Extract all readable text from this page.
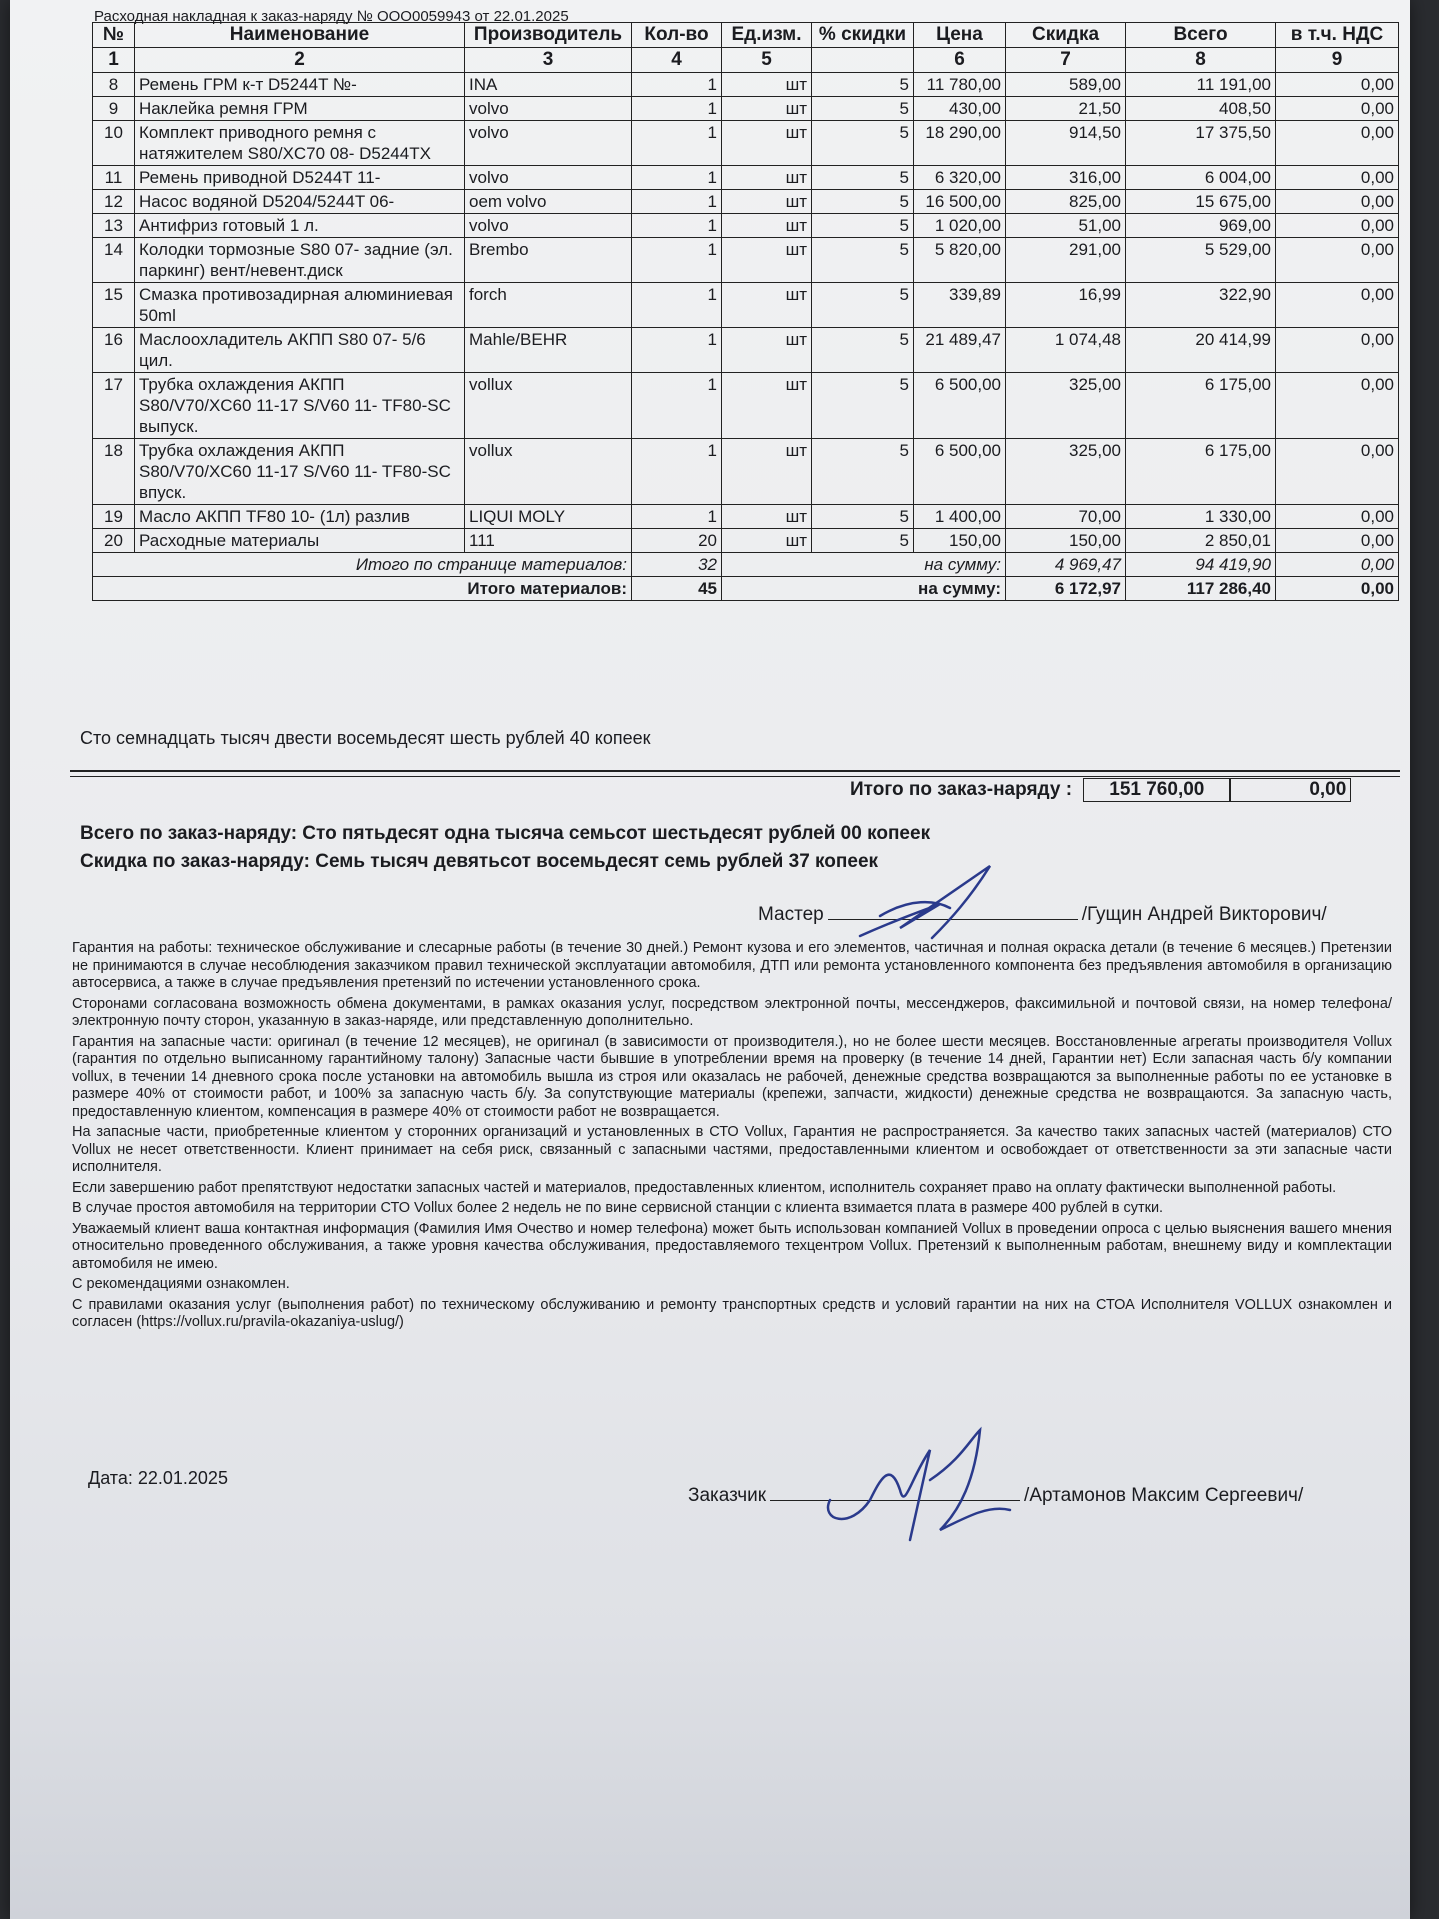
Расходная накладная к заказ-наряду № ООО0059943 от 22.01.2025
№	Наименование	Производитель	Кол-во	Ед.изм.	% скидки	Цена	Скидка	Всего	в т.ч. НДС
1	2	3	4	5		6	7	8	9
8	Ремень ГРМ к-т D5244T №-	INA	1	шт	5	11 780,00	589,00	11 191,00	0,00
9	Наклейка ремня ГРМ	volvo	1	шт	5	430,00	21,50	408,50	0,00
10	Комплект приводного ремня с натяжителем S80/XC70 08- D5244TX	volvo	1	шт	5	18 290,00	914,50	17 375,50	0,00
11	Ремень приводной D5244T 11-	volvo	1	шт	5	6 320,00	316,00	6 004,00	0,00
12	Насос водяной D5204/5244T 06-	oem volvo	1	шт	5	16 500,00	825,00	15 675,00	0,00
13	Антифриз готовый 1 л.	volvo	1	шт	5	1 020,00	51,00	969,00	0,00
14	Колодки тормозные S80 07- задние (эл. паркинг) вент/невент.диск	Brembo	1	шт	5	5 820,00	291,00	5 529,00	0,00
15	Смазка противозадирная алюминиевая 50ml	forch	1	шт	5	339,89	16,99	322,90	0,00
16	Маслоохладитель АКПП S80 07- 5/6 цил.	Mahle/BEHR	1	шт	5	21 489,47	1 074,48	20 414,99	0,00
17	Трубка охлаждения АКПП S80/V70/XC60 11-17 S/V60 11- TF80-SC выпуск.	vollux	1	шт	5	6 500,00	325,00	6 175,00	0,00
18	Трубка охлаждения АКПП S80/V70/XC60 11-17 S/V60 11- TF80-SC впуск.	vollux	1	шт	5	6 500,00	325,00	6 175,00	0,00
19	Масло АКПП TF80 10- (1л) разлив	LIQUI MOLY	1	шт	5	1 400,00	70,00	1 330,00	0,00
20	Расходные материалы	111	20	шт	5	150,00	150,00	2 850,01	0,00
Итого по странице материалов:			32	на сумму:			4 969,47	94 419,90	0,00
Итого материалов:			45	на сумму:			6 172,97	117 286,40	0,00
Сто семнадцать тысяч двести восемьдесят шесть рублей 40 копеек
Итого по заказ-наряду : 151 760,00	0,00
Всего по заказ-наряду: Сто пятьдесят одна тысяча семьсот шестьдесят рублей 00 копеек
Скидка по заказ-наряду: Семь тысяч девятьсот восемьдесят семь рублей 37 копеек
Мастер	/Гущин Андрей Викторович/

Гарантия на работы: техническое обслуживание и слесарные работы (в течение 30 дней.) Ремонт кузова и его элементов, частичная и полная окраска детали (в течение 6 месяцев.) Претензии не принимаются в случае несоблюдения заказчиком правил технической эксплуатации автомобиля, ДТП или ремонта установленного компонента без предъявления автомобиля в организацию автосервиса, а также в случае предъявления претензий по истечении установленного срока.

Сторонами согласована возможность обмена документами, в рамках оказания услуг, посредством электронной почты, мессенджеров, факсимильной и почтовой связи, на номер телефона/ электронную почту сторон, указанную в заказ-наряде, или представленную дополнительно.

Гарантия на запасные части: оригинал (в течение 12 месяцев), не оригинал (в зависимости от производителя.), но не более шести месяцев. Восстановленные агрегаты производителя Vollux (гарантия по отдельно выписанному гарантийному талону) Запасные части бывшие в употреблении время на проверку (в течение 14 дней, Гарантии нет) Если запасная часть б/у компании vollux, в течении 14 дневного срока после установки на автомобиль вышла из строя или оказалась не рабочей, денежные средства возвращаются за выполненные работы по ее установке в размере 40% от стоимости работ, и 100% за запасную часть б/у. За сопутствующие материалы (крепежи, запчасти, жидкости) денежные средства не возвращаются. За запасную часть, предоставленную клиентом, компенсация в размере 40% от стоимости работ не возвращается.

На запасные части, приобретенные клиентом у сторонних организаций и установленных в СТО Vollux, Гарантия не распространяется. За качество таких запасных частей (материалов) СТО Vollux не несет ответственности. Клиент принимает на себя риск, связанный с запасными частями, предоставленными клиентом и освобождает от ответственности за эти запасные части исполнителя.

Если завершению работ препятствуют недостатки запасных частей и материалов, предоставленных клиентом, исполнитель сохраняет право на оплату фактически выполненной работы.

В случае простоя автомобиля на территории СТО Vollux более 2 недель не по вине сервисной станции с клиента взимается плата в размере 400 рублей в сутки.

Уважаемый клиент ваша контактная информация (Фамилия Имя Очество и номер телефона) может быть использован компанией Vollux в проведении опроса с целью выяснения вашего мнения относительно проведенного обслуживания, а также уровня качества обслуживания, предоставляемого техцентром Vollux. Претензий к выполненным работам, внешнему виду и комплектации автомобиля не имею.

С рекомендациями ознакомлен.

С правилами оказания услуг (выполнения работ) по техническому обслуживанию и ремонту транспортных средств и условий гарантии на них на СТОА Исполнителя VOLLUX ознакомлен и согласен (https://vollux.ru/pravila-okazaniya-uslug/)

Дата: 22.01.2025
Заказчик	/Артамонов Максим Сергеевич/
